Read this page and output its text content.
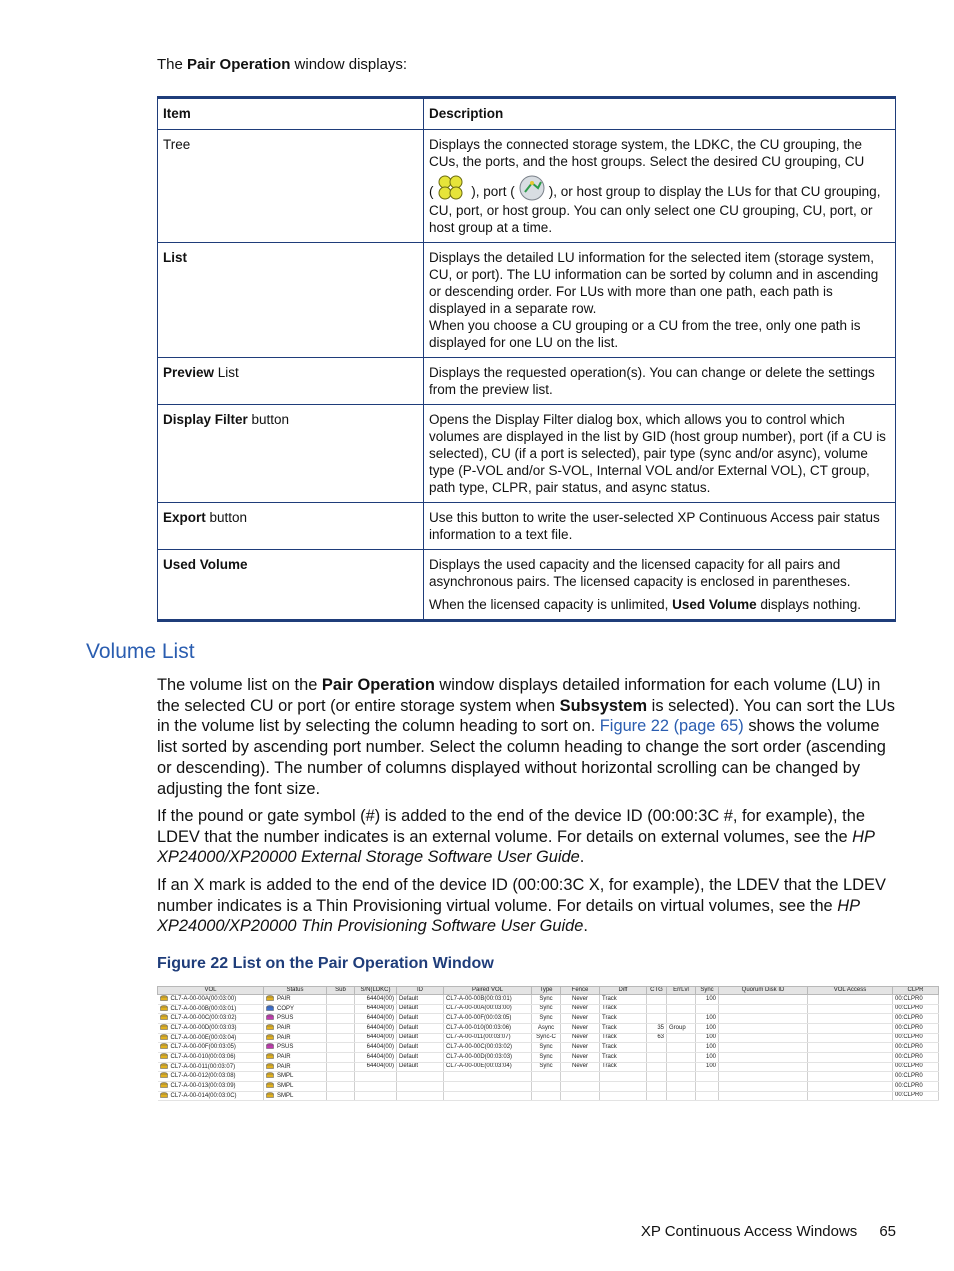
The Pair Operation window displays:
Item	Description
Tree	Displays the connected storage system, the LDKC, the CU grouping, the CUs, the ports, and the host groups. Select the desired CU grouping, CU
( ), port ( ), or host group to display the LUs for that CU grouping, CU, port, or host group. You can only select one CU grouping, CU, port, or host group at a time.

List	Displays the detailed LU information for the selected item (storage system, CU, or port). The LU information can be sorted by column and in ascending or descending order. For LUs with more than one path, each path is displayed in a separate row.
When you choose a CU grouping or a CU from the tree, only one path is displayed for one LU on the list.

Preview List	Displays the requested operation(s). You can change or delete the settings from the preview list.
Display Filter button	Opens the Display Filter dialog box, which allows you to control which volumes are displayed in the list by GID (host group number), port (if a CU is selected), CU (if a port is selected), pair type (sync and/or async), volume type (P-VOL and/or S-VOL, Internal VOL and/or External VOL), CT group, path type, CLPR, pair status, and async status.
Export button	Use this button to write the user-selected XP Continuous Access pair status information to a text file.
Used Volume	Displays the used capacity and the licensed capacity for all pairs and asynchronous pairs. The licensed capacity is enclosed in parentheses.
When the licensed capacity is unlimited, Used Volume displays nothing.
Volume List

The volume list on the Pair Operation window displays detailed information for each volume (LU) in the selected CU or port (or entire storage system when Subsystem is selected). You can sort the LUs in the volume list by selecting the column heading to sort on. Figure 22 (page 65) shows the volume list sorted by ascending port number. Select the column heading to change the sort order (ascending or descending). The number of columns displayed without horizontal scrolling can be changed by adjusting the font size.

If the pound or gate symbol (#) is added to the end of the device ID (00:00:3C #, for example), the LDEV that the number indicates is an external volume. For details on external volumes, see the HP XP24000/XP20000 External Storage Software User Guide.

If an X mark is added to the end of the device ID (00:00:3C X, for example), the LDEV that the LDEV number indicates is a Thin Provisioning virtual volume. For details on virtual volumes, see the HP XP24000/XP20000 Thin Provisioning Software User Guide.

Figure 22 List on the Pair Operation Window
VOL	Status	Sub	S/N(LDKC)	ID	Paired VOL	Type	Fence	Diff	CTG	ErrLvl	Sync	Quorum Disk ID	VOL Access	CLPR
CL7-A-00-00A(00:03:00)	PAIR		64404(00)	Default	CL7-A-00-00B(00:03:01)	Sync	Never	Track			100			00:CLPR0
CL7-A-00-00B(00:03:01)	COPY		64404(00)	Default	CL7-A-00-00A(00:03:00)	Sync	Never	Track						00:CLPR0
CL7-A-00-00C(00:03:02)	PSUS		64404(00)	Default	CL7-A-00-00F(00:03:05)	Sync	Never	Track			100			00:CLPR0
CL7-A-00-00D(00:03:03)	PAIR		64404(00)	Default	CL7-A-00-010(00:03:06)	Async	Never	Track	35	Group	100			00:CLPR0
CL7-A-00-00E(00:03:04)	PAIR		64404(00)	Default	CL7-A-00-011(00:03:07)	Sync-C	Never	Track	63		100			00:CLPR0
CL7-A-00-00F(00:03:05)	PSUS		64404(00)	Default	CL7-A-00-00C(00:03:02)	Sync	Never	Track			100			00:CLPR0
CL7-A-00-010(00:03:06)	PAIR		64404(00)	Default	CL7-A-00-00D(00:03:03)	Sync	Never	Track			100			00:CLPR0
CL7-A-00-011(00:03:07)	PAIR		64404(00)	Default	CL7-A-00-00E(00:03:04)	Sync	Never	Track			100			00:CLPR0
CL7-A-00-012(00:03:08)	SMPL													00:CLPR0
CL7-A-00-013(00:03:09)	SMPL													00:CLPR0
CL7-A-00-014(00:03:0C)	SMPL													00:CLPR0
XP Continuous Access Windows 65
